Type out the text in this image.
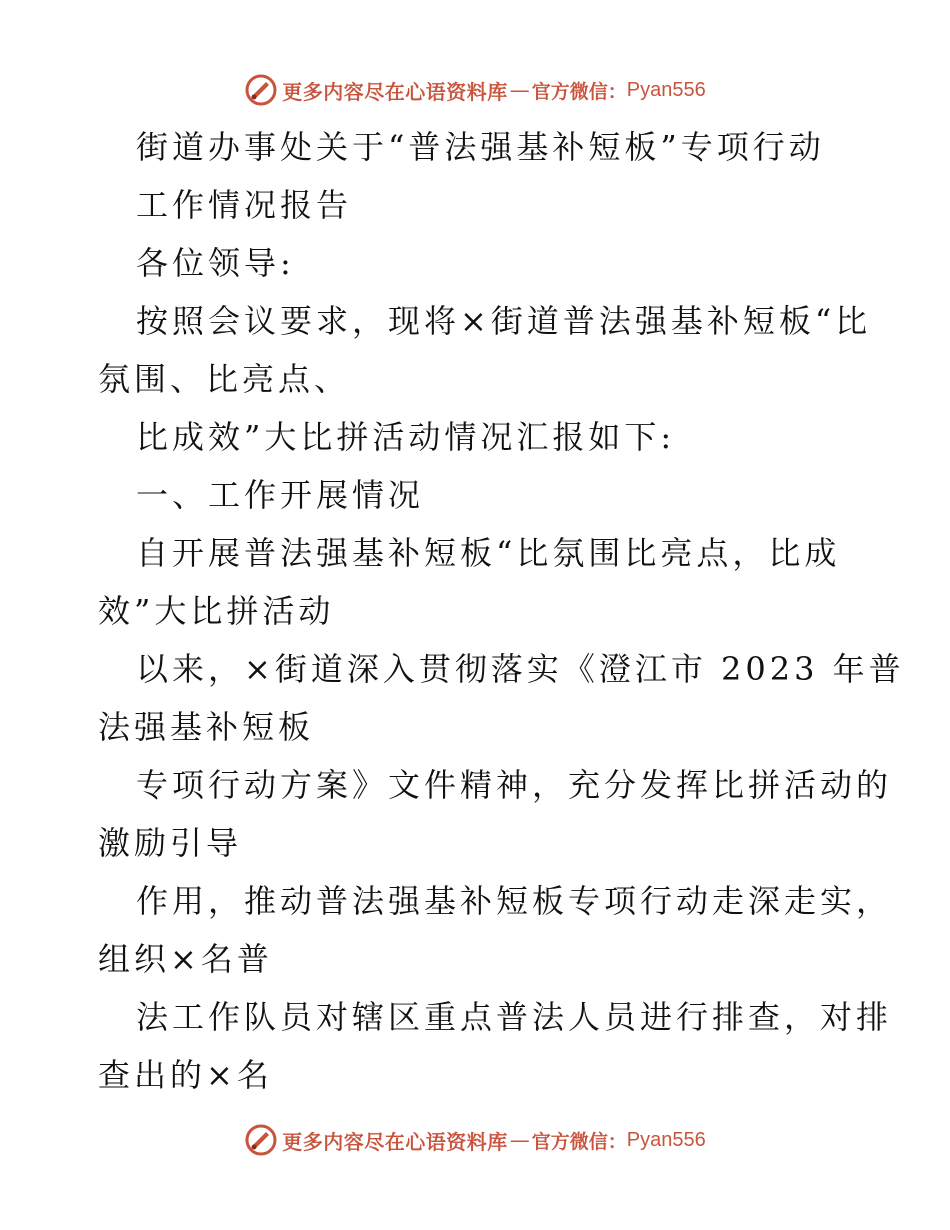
更多内容尽在心语资料库 — 官方微信： Pyan556
街道办事处关于“普法强基补短板”专项行动
工作情况报告
各位领导:
按照会议要求，现将×街道普法强基补短板“比
氛围、比亮点、
比成效”大比拼活动情况汇报如下:
一、工作开展情况
自开展普法强基补短板“比氛围比亮点，比成
效”大比拼活动
以来，×街道深入贯彻落实《澄江市 2023 年普
法强基补短板
专项行动方案》文件精神，充分发挥比拼活动的
激励引导
作用，推动普法强基补短板专项行动走深走实，
组织×名普
法工作队员对辖区重点普法人员进行排查，对排
查出的×名
更多内容尽在心语资料库 — 官方微信： Pyan556
